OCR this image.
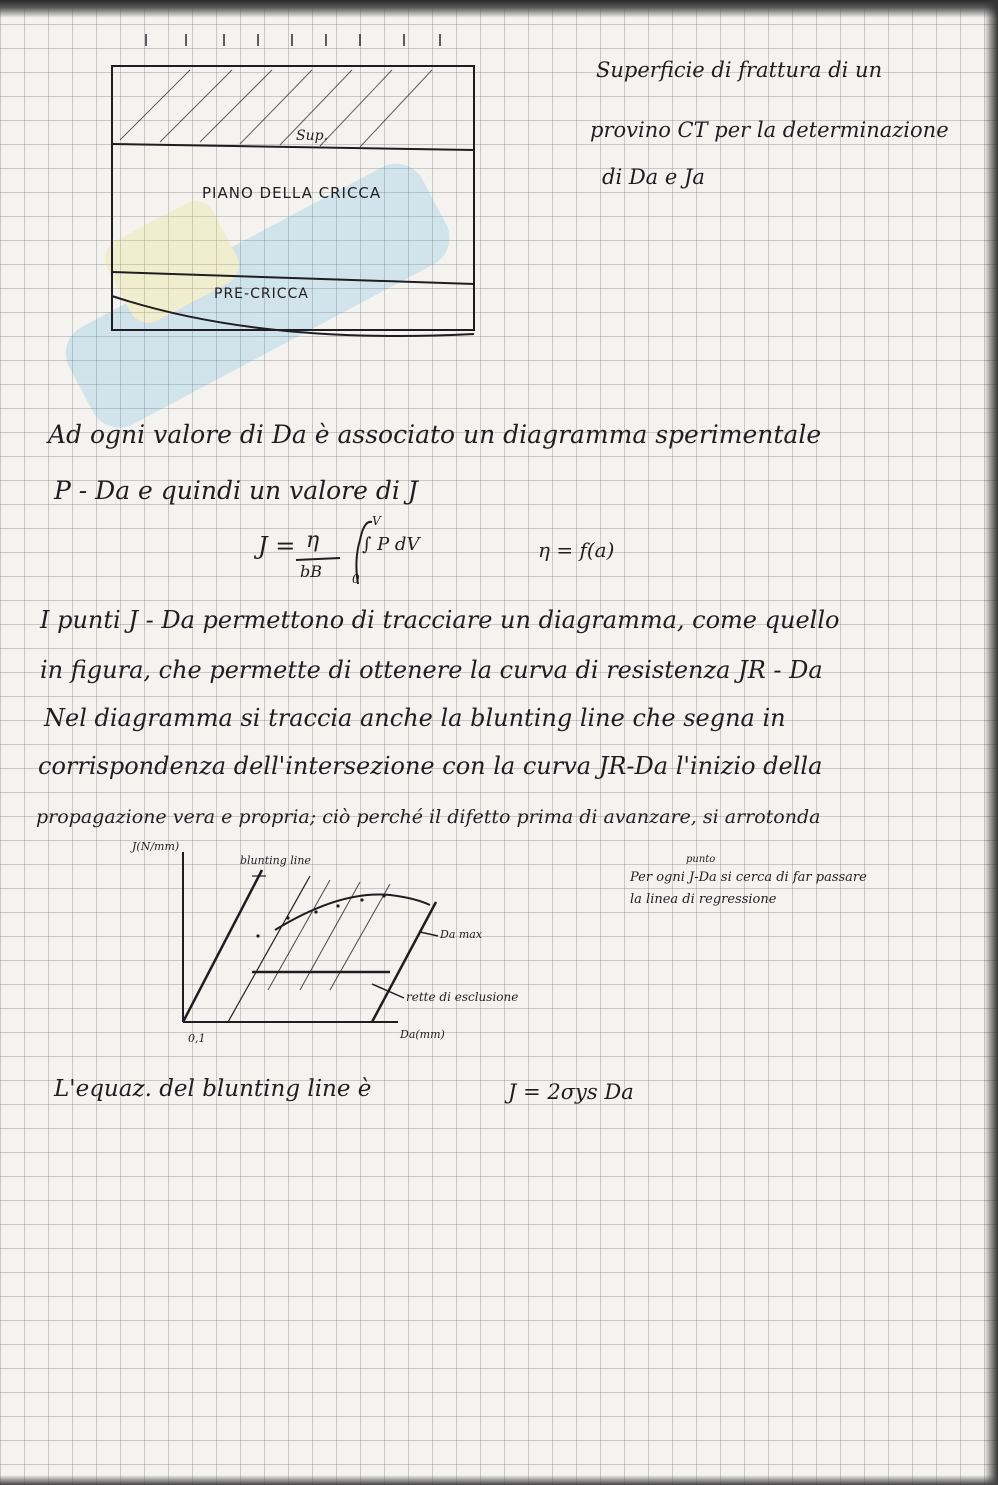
Superficie di frattura di un
provino CT per la determinazione
di Da e Ja
Sup.
PIANO DELLA CRICCA
PRE-CRICCA
Ad ogni valore di Da è associato un diagramma sperimentale
P - Da e quindi un valore di J
J = η
bB
∫ P dV
V
0
η = f(a)
I punti J - Da permettono di tracciare un diagramma, come quello
in figura, che permette di ottenere la curva di resistenza JR - Da
Nel diagramma si traccia anche la blunting line che segna in
corrispondenza dell'intersezione con la curva JR-Da l'inizio della
propagazione vera e propria; ciò perché il difetto prima di avanzare, si arrotonda
J(N/mm)
blunting line
Da max
rette di esclusione
Da(mm)
0,1
punto
Per ogni J-Da si cerca di far passare
la linea di regressione
L'equaz. del blunting line è	J = 2σys Da
